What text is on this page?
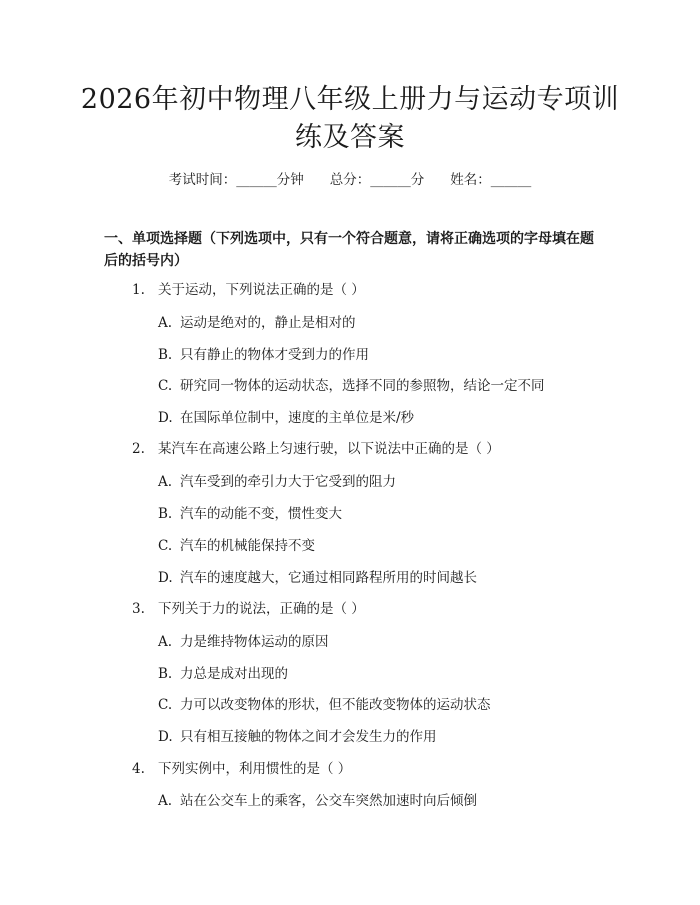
2026年初中物理八年级上册力与运动专项训
练及答案
考试时间：______分钟 总分：______分 姓名：______
一、单项选择题（下列选项中，只有一个符合题意，请将正确选项的字母填在题
后的括号内）
1. 关于运动，下列说法正确的是（ ）
A. 运动是绝对的，静止是相对的
B. 只有静止的物体才受到力的作用
C. 研究同一物体的运动状态，选择不同的参照物，结论一定不同
D. 在国际单位制中，速度的主单位是米/秒
2. 某汽车在高速公路上匀速行驶，以下说法中正确的是（ ）
A. 汽车受到的牵引力大于它受到的阻力
B. 汽车的动能不变，惯性变大
C. 汽车的机械能保持不变
D. 汽车的速度越大，它通过相同路程所用的时间越长
3. 下列关于力的说法，正确的是（ ）
A. 力是维持物体运动的原因
B. 力总是成对出现的
C. 力可以改变物体的形状，但不能改变物体的运动状态
D. 只有相互接触的物体之间才会发生力的作用
4. 下列实例中，利用惯性的是（ ）
A. 站在公交车上的乘客，公交车突然加速时向后倾倒
